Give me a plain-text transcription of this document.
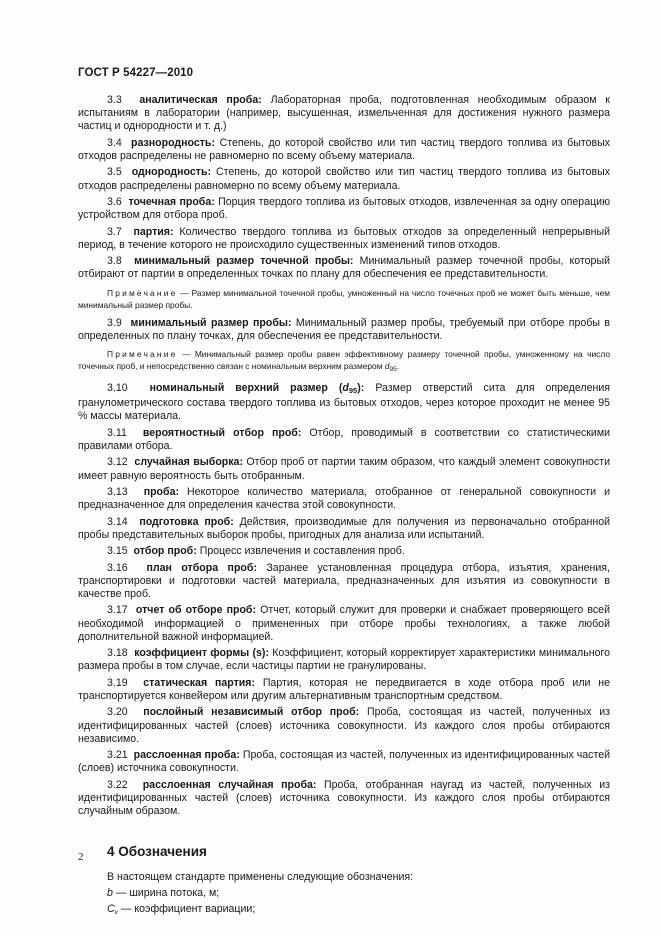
ГОСТ Р 54227—2010

3.3 аналитическая проба: Лабораторная проба, подготовленная необходимым образом к испытаниям в лаборатории (например, высушенная, измельченная для достижения нужного размера частиц и однородности и т. д.)

3.4 разнородность: Степень, до которой свойство или тип частиц твердого топлива из бытовых отходов распределены не равномерно по всему объему материала.

3.5 однородность: Степень, до которой свойство или тип частиц твердого топлива из бытовых отходов распределены равномерно по всему объему материала.

3.6 точечная проба: Порция твердого топлива из бытовых отходов, извлеченная за одну операцию устройством для отбора проб.

3.7 партия: Количество твердого топлива из бытовых отходов за определенный непрерывный период, в течение которого не происходило существенных изменений типов отходов.

3.8 минимальный размер точечной пробы: Минимальный размер точечной пробы, который отбирают от партии в определенных точках по плану для обеспечения ее представительности.

Примечание — Размер минимальной точечной пробы, умноженный на число точечных проб не может быть меньше, чем минимальный размер пробы.

3.9 минимальный размер пробы: Минимальный размер пробы, требуемый при отборе пробы в определенных по плану точках, для обеспечения ее представительности.

Примечание — Минимальный размер пробы равен эффективному размеру точечной пробы, умноженному на число точечных проб, и непосредственно связан с номинальным верхним размером $d_{95}$.

3.10 номинальный верхний размер $(d_{95})$: Размер отверстий сита для определения гранулометрического состава твердого топлива из бытовых отходов, через которое проходит не менее 95 % массы материала.

3.11 вероятностный отбор проб: Отбор, проводимый в соответствии со статистическими правилами отбора.

3.12 случайная выборка: Отбор проб от партии таким образом, что каждый элемент совокупности имеет равную вероятность быть отобранным.

3.13 проба: Некоторое количество материала, отобранное от генеральной совокупности и предназначенное для определения качества этой совокупности.

3.14 подготовка проб: Действия, производимые для получения из первоначально отобранной пробы представительных выборок пробы, пригодных для анализа или испытаний.

3.15 отбор проб: Процесс извлечения и составления проб.

3.16 план отбора проб: Заранее установленная процедура отбора, изъятия, хранения, транспортировки и подготовки частей материала, предназначенных для изъятия из совокупности в качестве проб.

3.17 отчет об отборе проб: Отчет, который служит для проверки и снабжает проверяющего всей необходимой информацией о примененных при отборе пробы технологиях, а также любой дополнительной важной информацией.

3.18 коэффициент формы (s): Коэффициент, который корректирует характеристики минимального размера пробы в том случае, если частицы партии не гранулированы.

3.19 статическая партия: Партия, которая не передвигается в ходе отбора проб или не транспортируется конвейером или другим альтернативным транспортным средством.

3.20 послойный независимый отбор проб: Проба, состоящая из частей, полученных из идентифицированных частей (слоев) источника совокупности. Из каждого слоя пробы отбираются независимо.

3.21 расслоенная проба: Проба, состоящая из частей, полученных из идентифицированных частей (слоев) источника совокупности.

3.22 расслоенная случайная проба: Проба, отобранная наугад из частей, полученных из идентифицированных частей (слоев) источника совокупности. Из каждого слоя пробы отбираются случайным образом.

4 Обозначения

В настоящем стандарте применены следующие обозначения:

b — ширина потока, м;

Cv — коэффициент вариации;

2
